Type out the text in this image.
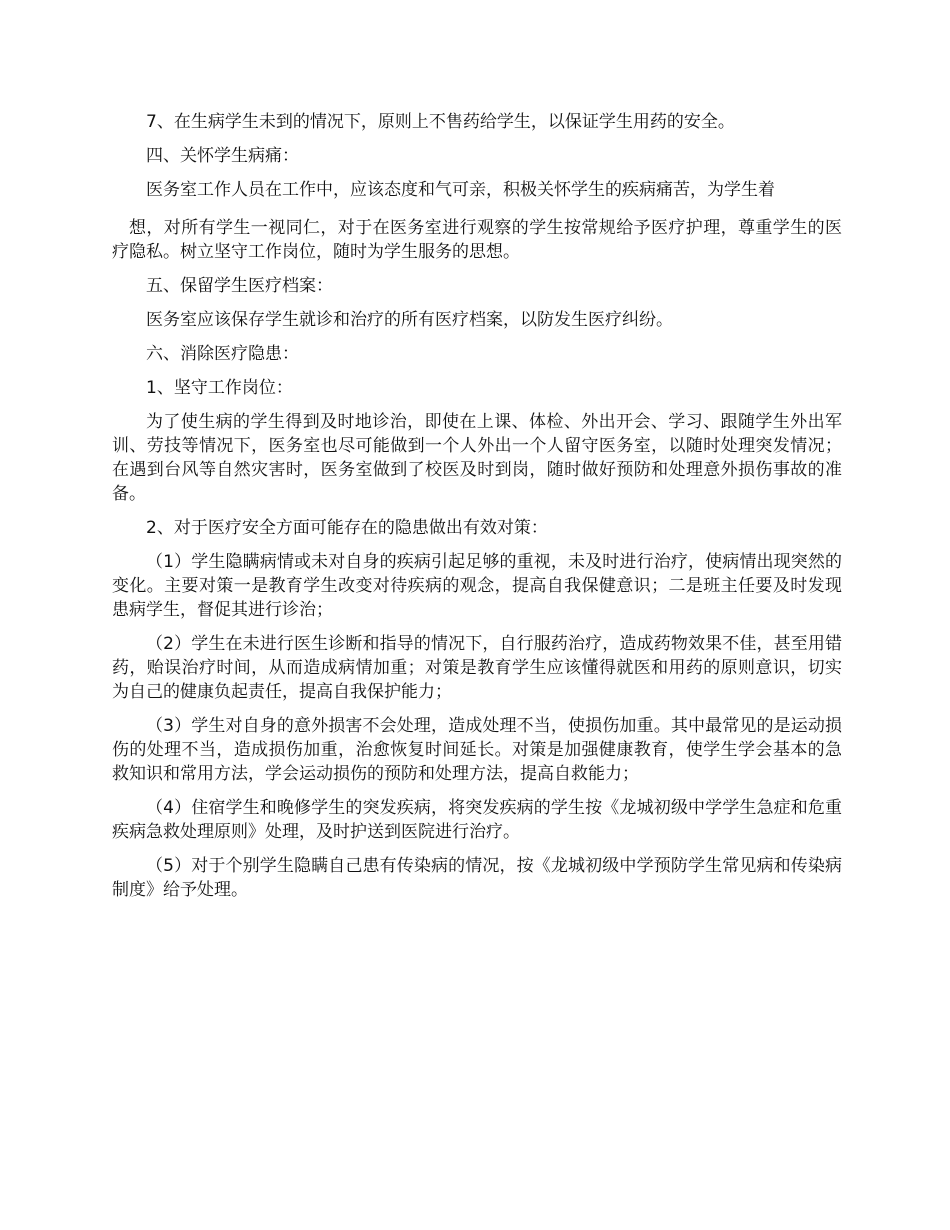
7、在生病学生未到的情况下，原则上不售药给学生，以保证学生用药的安全。

四、关怀学生病痛：

医务室工作人员在工作中，应该态度和气可亲，积极关怀学生的疾病痛苦，为学生着

想，对所有学生一视同仁，对于在医务室进行观察的学生按常规给予医疗护理，尊重学生的医疗隐私。树立坚守工作岗位，随时为学生服务的思想。

五、保留学生医疗档案：

医务室应该保存学生就诊和治疗的所有医疗档案，以防发生医疗纠纷。

六、消除医疗隐患：

1、坚守工作岗位：

为了使生病的学生得到及时地诊治，即使在上课、体检、外出开会、学习、跟随学生外出军训、劳技等情况下，医务室也尽可能做到一个人外出一个人留守医务室，以随时处理突发情况；在遇到台风等自然灾害时，医务室做到了校医及时到岗，随时做好预防和处理意外损伤事故的准备。

2、对于医疗安全方面可能存在的隐患做出有效对策：

（1）学生隐瞒病情或未对自身的疾病引起足够的重视，未及时进行治疗，使病情出现突然的变化。主要对策一是教育学生改变对待疾病的观念，提高自我保健意识；二是班主任要及时发现患病学生，督促其进行诊治；

（2）学生在未进行医生诊断和指导的情况下，自行服药治疗，造成药物效果不佳，甚至用错药，贻误治疗时间，从而造成病情加重；对策是教育学生应该懂得就医和用药的原则意识，切实为自己的健康负起责任，提高自我保护能力；

（3）学生对自身的意外损害不会处理，造成处理不当，使损伤加重。其中最常见的是运动损伤的处理不当，造成损伤加重，治愈恢复时间延长。对策是加强健康教育，使学生学会基本的急救知识和常用方法，学会运动损伤的预防和处理方法，提高自救能力；

（4）住宿学生和晚修学生的突发疾病，将突发疾病的学生按《龙城初级中学学生急症和危重疾病急救处理原则》处理，及时护送到医院进行治疗。

（5）对于个别学生隐瞒自己患有传染病的情况，按《龙城初级中学预防学生常见病和传染病制度》给予处理。
